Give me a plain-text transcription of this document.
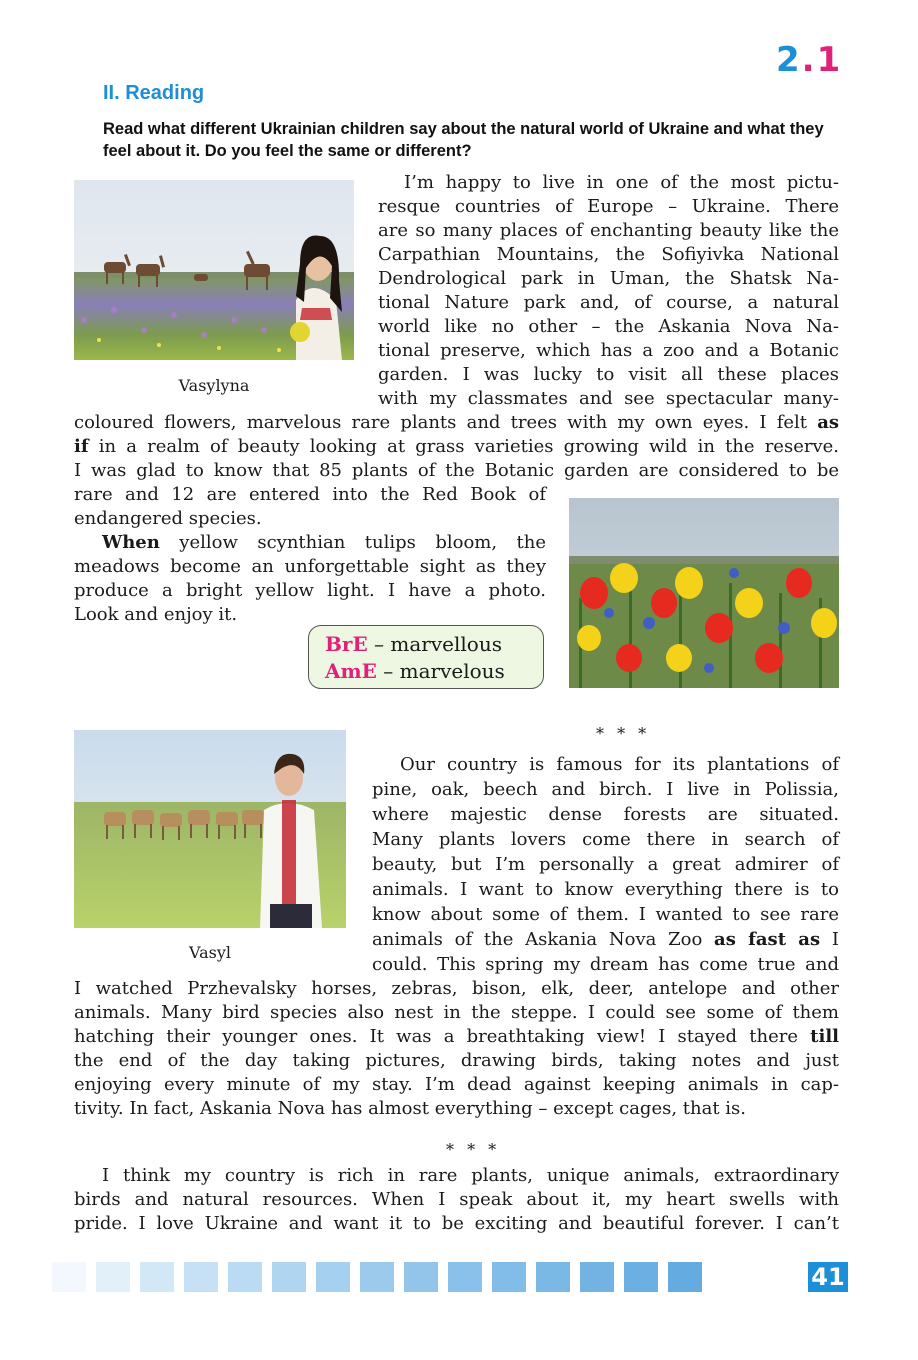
2.1
II. Reading
Read what different Ukrainian children say about the natural world of Ukraine and what they feel about it. Do you feel the same or different?
Vasylyna

I’m happy to live in one of the most pictu-

resque countries of Europe – Ukraine. There

are so many places of enchanting beauty like the

Carpathian Mountains, the Sofiyivka National

Dendrological park in Uman, the Shatsk Na-

tional Nature park and, of course, a natural

world like no other – the Askania Nova Na-

tional preserve, which has a zoo and a Botanic

garden. I was lucky to visit all these places

with my classmates and see spectacular many-

coloured flowers, marvelous rare plants and trees with my own eyes. I felt as

if in a realm of beauty looking at grass varieties growing wild in the reserve.

I was glad to know that 85 plants of the Botanic garden are considered to be

rare and 12 are entered into the Red Book of

endangered species.

When yellow scynthian tulips bloom, the

meadows become an unforgettable sight as they

produce a bright yellow light. I have a photo.

Look and enjoy it.

BrE – marvellous
AmE – marvelous
* * *
Vasyl

Our country is famous for its plantations of

pine, oak, beech and birch. I live in Polissia,

where majestic dense forests are situated.

Many plants lovers come there in search of

beauty, but I’m personally a great admirer of

animals. I want to know everything there is to

know about some of them. I wanted to see rare

animals of the Askania Nova Zoo as fast as I

could. This spring my dream has come true and

I watched Przhevalsky horses, zebras, bison, elk, deer, antelope and other

animals. Many bird species also nest in the steppe. I could see some of them

hatching their younger ones. It was a breathtaking view! I stayed there till

the end of the day taking pictures, drawing birds, taking notes and just

enjoying every minute of my stay. I’m dead against keeping animals in cap-

tivity. In fact, Askania Nova has almost everything – except cages, that is.

* * *

I think my country is rich in rare plants, unique animals, extraordinary

birds and natural resources. When I speak about it, my heart swells with

pride. I love Ukraine and want it to be exciting and beautiful forever. I can’t

41
